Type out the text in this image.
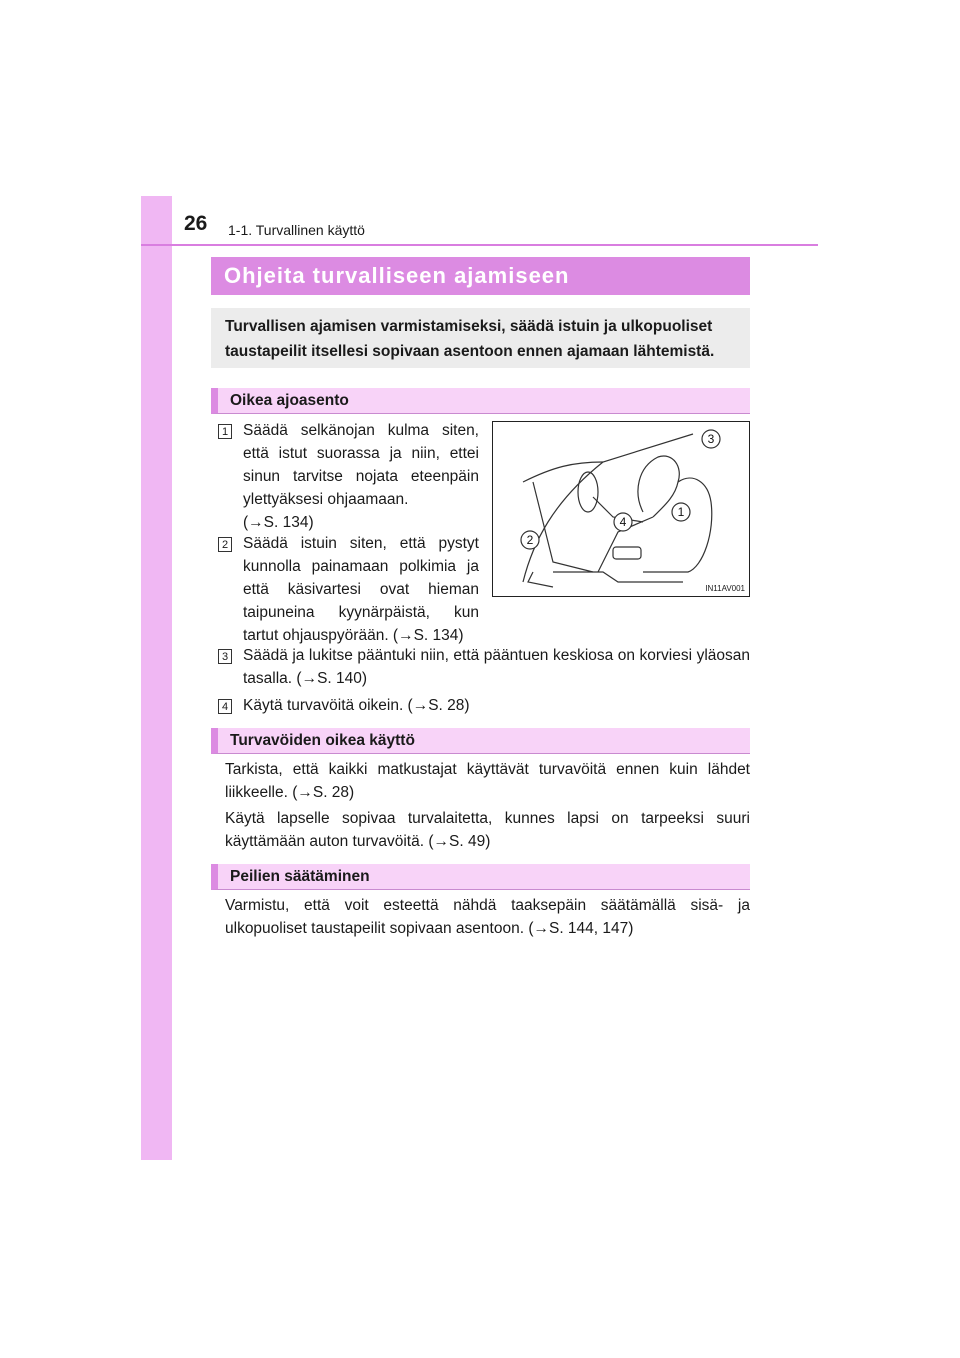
26 1-1. Turvallinen käyttö
Ohjeita turvalliseen ajamiseen
Turvallisen ajamisen varmistamiseksi, säädä istuin ja ulkopuoliset taustapeilit itsellesi sopivaan asentoon ennen ajamaan lähtemistä.
Oikea ajoasento
1 Säädä selkänojan kulma siten, että istut suorassa ja niin, ettei sinun tarvitse nojata eteenpäin ylettyäksesi ohjaamaan.
(→S. 134)
2 Säädä istuin siten, että pystyt kunnolla painamaan polkimia ja että käsivartesi ovat hieman taipuneina kyynärpäistä, kun tartut ohjauspyörään. (→S. 134)
1
2
3
4
IN11AV001
3 Säädä ja lukitse pääntuki niin, että pääntuen keskiosa on korviesi yläosan tasalla. (→S. 140)
4 Käytä turvavöitä oikein. (→S. 28)
Turvavöiden oikea käyttö
Tarkista, että kaikki matkustajat käyttävät turvavöitä ennen kuin lähdet liikkeelle. (→S. 28)
Käytä lapselle sopivaa turvalaitetta, kunnes lapsi on tarpeeksi suuri käyttämään auton turvavöitä. (→S. 49)
Peilien säätäminen
Varmistu, että voit esteettä nähdä taaksepäin säätämällä sisä- ja ulkopuoliset taustapeilit sopivaan asentoon. (→S. 144, 147)
